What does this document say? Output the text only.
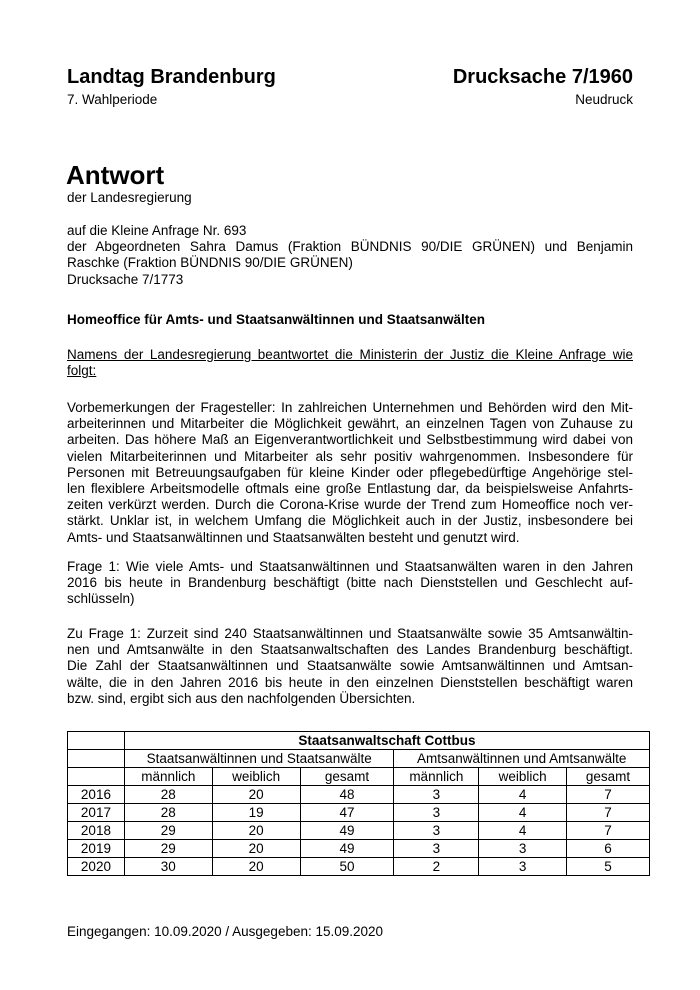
Landtag Brandenburg
7. Wahlperiode
Drucksache 7/1960
Neudruck
Antwort
der Landesregierung
auf die Kleine Anfrage Nr. 693
der Abgeordneten Sahra Damus (Fraktion BÜNDNIS 90/DIE GRÜNEN) und Benjamin
Raschke (Fraktion BÜNDNIS 90/DIE GRÜNEN)
Drucksache 7/1773
Homeoffice für Amts- und Staatsanwältinnen und Staatsanwälten
Namens der Landesregierung beantwortet die Ministerin der Justiz die Kleine Anfrage wie
folgt:
Vorbemerkungen der Fragesteller: In zahlreichen Unternehmen und Behörden wird den Mit-
arbeiterinnen und Mitarbeiter die Möglichkeit gewährt, an einzelnen Tagen von Zuhause zu
arbeiten. Das höhere Maß an Eigenverantwortlichkeit und Selbstbestimmung wird dabei von
vielen Mitarbeiterinnen und Mitarbeiter als sehr positiv wahrgenommen. Insbesondere für
Personen mit Betreuungsaufgaben für kleine Kinder oder pflegebedürftige Angehörige stel-
len flexiblere Arbeitsmodelle oftmals eine große Entlastung dar, da beispielsweise Anfahrts-
zeiten verkürzt werden. Durch die Corona-Krise wurde der Trend zum Homeoffice noch ver-
stärkt. Unklar ist, in welchem Umfang die Möglichkeit auch in der Justiz, insbesondere bei
Amts- und Staatsanwältinnen und Staatsanwälten besteht und genutzt wird.
Frage 1: Wie viele Amts- und Staatsanwältinnen und Staatsanwälten waren in den Jahren
2016 bis heute in Brandenburg beschäftigt (bitte nach Dienststellen und Geschlecht auf-
schlüsseln)
Zu Frage 1: Zurzeit sind 240 Staatsanwältinnen und Staatsanwälte sowie 35 Amtsanwältin-
nen und Amtsanwälte in den Staatsanwaltschaften des Landes Brandenburg beschäftigt.
Die Zahl der Staatsanwältinnen und Staatsanwälte sowie Amtsanwältinnen und Amtsan-
wälte, die in den Jahren 2016 bis heute in den einzelnen Dienststellen beschäftigt waren
bzw. sind, ergibt sich aus den nachfolgenden Übersichten.
	Staatsanwaltschaft Cottbus					
	Staatsanwältinnen und Staatsanwälte			Amtsanwältinnen und Amtsanwälte		
	männlich	weiblich	gesamt	männlich	weiblich	gesamt
2016	28	20	48	3	4	7
2017	28	19	47	3	4	7
2018	29	20	49	3	4	7
2019	29	20	49	3	3	6
2020	30	20	50	2	3	5
Eingegangen: 10.09.2020 / Ausgegeben: 15.09.2020
